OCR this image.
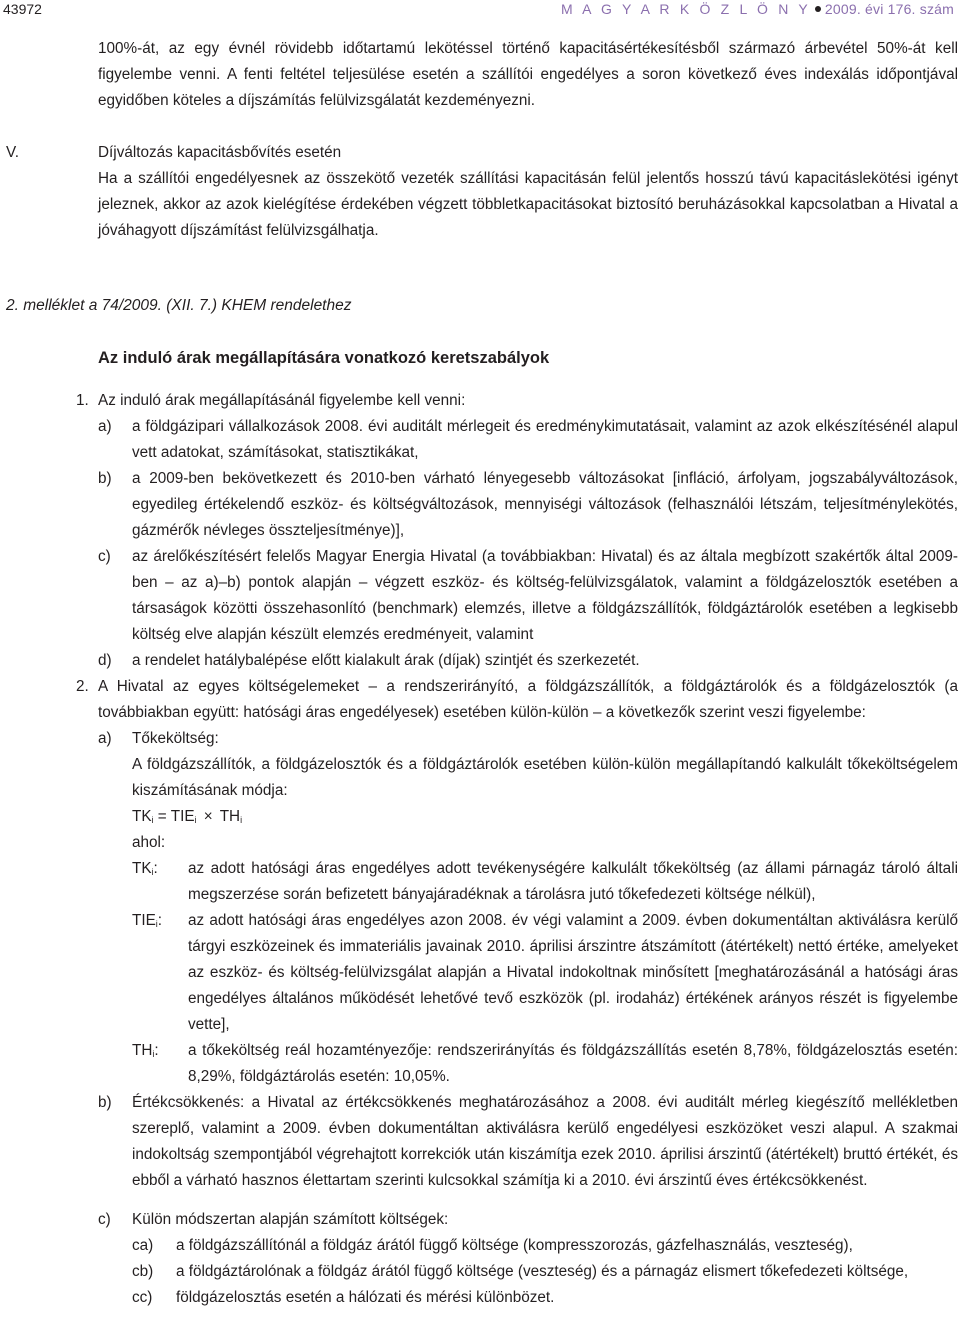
43972	M A G Y A R K Ö Z L Ö N Y 2009. évi 176. szám
100%-át, az egy évnél rövidebb időtartamú lekötéssel történő kapacitásértékesítésből származó árbevétel 50%-át kell figyelembe venni. A fenti feltétel teljesülése esetén a szállítói engedélyes a soron következő éves indexálás időpontjával egyidőben köteles a díjszámítás felülvizsgálatát kezdeményezni.
V.	Díjváltozás kapacitásbővítés esetén
Ha a szállítói engedélyesnek az összekötő vezeték szállítási kapacitásán felül jelentős hosszú távú kapacitáslekötési igényt jeleznek, akkor az azok kielégítése érdekében végzett többletkapacitásokat biztosító beruházásokkal kapcsolatban a Hivatal a jóváhagyott díjszámítást felülvizsgálhatja.
2. melléklet a 74/2009. (XII. 7.) KHEM rendelethez
Az induló árak megállapítására vonatkozó keretszabályok
1. Az induló árak megállapításánál figyelembe kell venni:
a) a földgázipari vállalkozások 2008. évi auditált mérlegeit és eredménykimutatásait, valamint az azok elkészítésénél alapul vett adatokat, számításokat, statisztikákat,
b) a 2009-ben bekövetkezett és 2010-ben várható lényegesebb változásokat [infláció, árfolyam, jogszabályváltozások, egyedileg értékelendő eszköz- és költségváltozások, mennyiségi változások (felhasználói létszám, teljesítménylekötés, gázmérők névleges összteljesítménye)],
c) az árelőkészítésért felelős Magyar Energia Hivatal (a továbbiakban: Hivatal) és az általa megbízott szakértők által 2009-ben – az a)–b) pontok alapján – végzett eszköz- és költség-felülvizsgálatok, valamint a földgázelosztók esetében a társaságok közötti összehasonlító (benchmark) elemzés, illetve a földgázszállítók, földgáztárolók esetében a legkisebb költség elve alapján készült elemzés eredményeit, valamint
d) a rendelet hatálybalépése előtt kialakult árak (díjak) szintjét és szerkezetét.
2. A Hivatal az egyes költségelemeket – a rendszerirányító, a földgázszállítók, a földgáztárolók és a földgázelosztók (a továbbiakban együtt: hatósági áras engedélyesek) esetében külön-külön – a következők szerint veszi figyelembe:
a) Tőkeköltség:
A földgázszállítók, a földgázelosztók és a földgáztárolók esetében külön-külön megállapítandó kalkulált tőkeköltségelem kiszámításának módja:
$TK_i = TIE_i \times TH_i$
ahol:
$TK_i$: az adott hatósági áras engedélyes adott tevékenységére kalkulált tőkeköltség (az állami párnagáz tároló általi megszerzése során befizetett bányajáradéknak a tárolásra jutó tőkefedezeti költsége nélkül),
$TIE_i$: az adott hatósági áras engedélyes azon 2008. év végi valamint a 2009. évben dokumentáltan aktiválásra kerülő tárgyi eszközeinek és immateriális javainak 2010. áprilisi árszintre átszámított (átértékelt) nettó értéke, amelyeket az eszköz- és költség-felülvizsgálat alapján a Hivatal indokoltnak minősített [meghatározásánál a hatósági áras engedélyes általános működését lehetővé tevő eszközök (pl. irodaház) értékének arányos részét is figyelembe vette],
$TH_i$: a tőkeköltség reál hozamtényezője: rendszerirányítás és földgázszállítás esetén 8,78%, földgázelosztás esetén: 8,29%, földgáztárolás esetén: 10,05%.
b) Értékcsökkenés: a Hivatal az értékcsökkenés meghatározásához a 2008. évi auditált mérleg kiegészítő mellékletben szereplő, valamint a 2009. évben dokumentáltan aktiválásra kerülő engedélyesi eszközöket veszi alapul. A szakmai indokoltság szempontjából végrehajtott korrekciók után kiszámítja ezek 2010. áprilisi árszintű (átértékelt) bruttó értékét, és ebből a várható hasznos élettartam szerinti kulcsokkal számítja ki a 2010. évi árszintű éves értékcsökkenést.
c) Külön módszertan alapján számított költségek:
ca) a földgázszállítónál a földgáz árától függő költsége (kompresszorozás, gázfelhasználás, veszteség),
cb) a földgáztárolónak a földgáz árától függő költsége (veszteség) és a párnagáz elismert tőkefedezeti költsége,
cc) földgázelosztás esetén a hálózati és mérési különbözet.
